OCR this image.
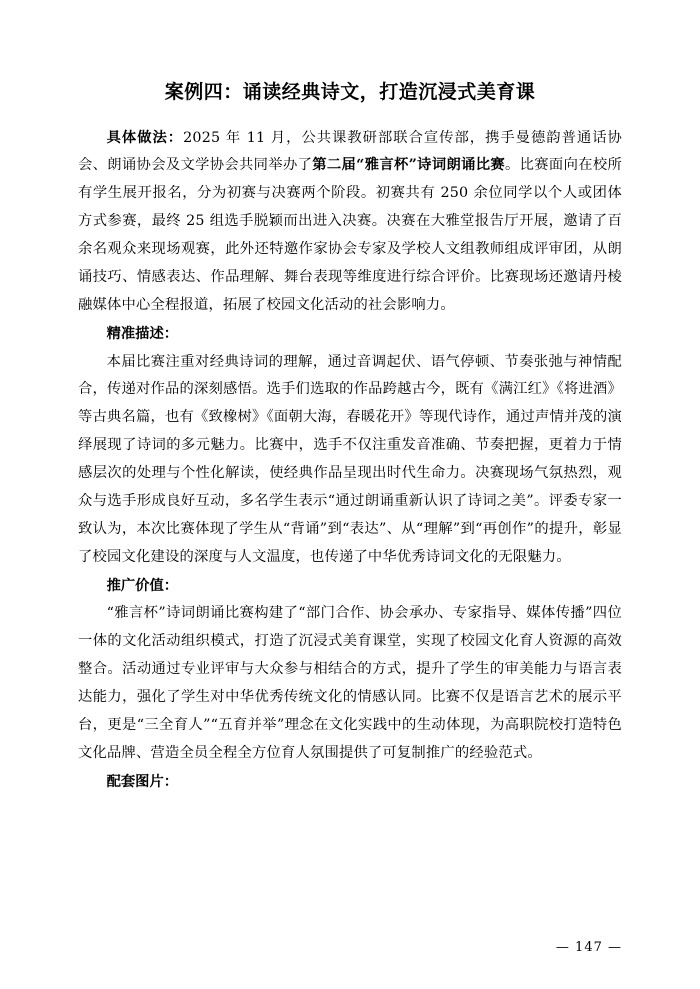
案例四：诵读经典诗文，打造沉浸式美育课

具体做法：2025 年 11 月，公共课教研部联合宣传部，携手曼德韵普通话协会、朗诵协会及文学协会共同举办了第二届“雅言杯”诗词朗诵比赛。比赛面向在校所有学生展开报名，分为初赛与决赛两个阶段。初赛共有 250 余位同学以个人或团体方式参赛，最终 25 组选手脱颖而出进入决赛。决赛在大雅堂报告厅开展，邀请了百余名观众来现场观赛，此外还特邀作家协会专家及学校人文组教师组成评审团，从朗诵技巧、情感表达、作品理解、舞台表现等维度进行综合评价。比赛现场还邀请丹棱融媒体中心全程报道，拓展了校园文化活动的社会影响力。

精准描述：

本届比赛注重对经典诗词的理解，通过音调起伏、语气停顿、节奏张弛与神情配合，传递对作品的深刻感悟。选手们选取的作品跨越古今，既有《满江红》《将进酒》等古典名篇，也有《致橡树》《面朝大海，春暖花开》等现代诗作，通过声情并茂的演绎展现了诗词的多元魅力。比赛中，选手不仅注重发音准确、节奏把握，更着力于情感层次的处理与个性化解读，使经典作品呈现出时代生命力。决赛现场气氛热烈，观众与选手形成良好互动，多名学生表示“通过朗诵重新认识了诗词之美”。评委专家一致认为，本次比赛体现了学生从“背诵”到“表达”、从“理解”到“再创作”的提升，彰显了校园文化建设的深度与人文温度，也传递了中华优秀诗词文化的无限魅力。

推广价值：

“雅言杯”诗词朗诵比赛构建了“部门合作、协会承办、专家指导、媒体传播”四位一体的文化活动组织模式，打造了沉浸式美育课堂，实现了校园文化育人资源的高效整合。活动通过专业评审与大众参与相结合的方式，提升了学生的审美能力与语言表达能力，强化了学生对中华优秀传统文化的情感认同。比赛不仅是语言艺术的展示平台，更是“三全育人”“五育并举”理念在文化实践中的生动体现，为高职院校打造特色文化品牌、营造全员全程全方位育人氛围提供了可复制推广的经验范式。

配套图片：

— 147 —
